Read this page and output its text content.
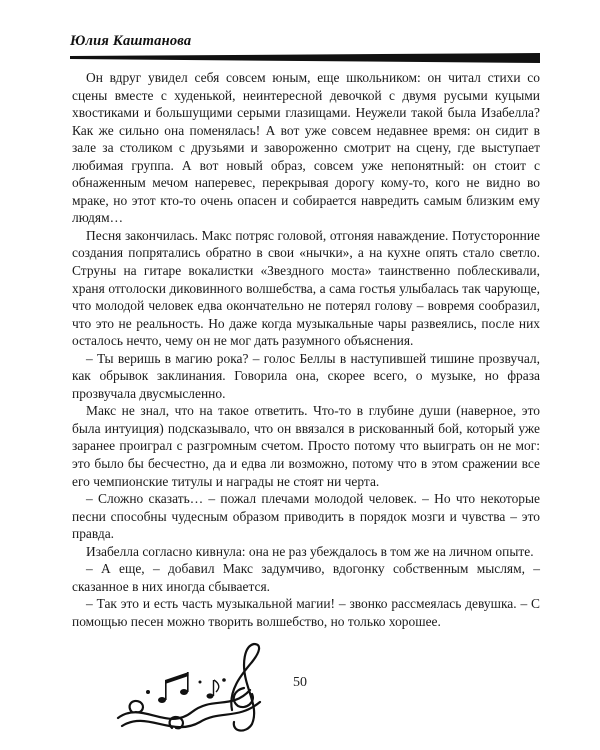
Юлия Каштанова

Он вдруг увидел себя совсем юным, еще школьником: он читал стихи со сцены вместе с худенькой, неинтересной девочкой с двумя русыми куцыми хвостиками и большущими серыми глазищами. Неужели такой была Изабелла? Как же сильно она поменялась! А вот уже совсем недавнее время: он сидит в зале за столиком с друзьями и завороженно смотрит на сцену, где выступает любимая группа. А вот новый образ, совсем уже непонятный: он стоит с обнаженным мечом наперевес, перекрывая дорогу кому-то, кого не видно во мраке, но этот кто-то очень опасен и собирается навредить самым близким ему людям…

Песня закончилась. Макс потряс головой, отгоняя наваждение. Потусторонние создания попрятались обратно в свои «нычки», а на кухне опять стало светло. Струны на гитаре вокалистки «Звездного моста» таинственно поблескивали, храня отголоски диковинного волшебства, а сама гостья улыбалась так чарующе, что молодой человек едва окончательно не потерял голову – вовремя сообразил, что это не реальность. Но даже когда музыкальные чары развеялись, после них осталось нечто, чему он не мог дать разумного объяснения.

– Ты веришь в магию рока? – голос Беллы в наступившей тишине прозвучал, как обрывок заклинания. Говорила она, скорее всего, о музыке, но фраза прозвучала двусмысленно.

Макс не знал, что на такое ответить. Что-то в глубине души (наверное, это была интуиция) подсказывало, что он ввязался в рискованный бой, который уже заранее проиграл с разгромным счетом. Просто потому что выиграть он не мог: это было бы бесчестно, да и едва ли возможно, потому что в этом сражении все его чемпионские титулы и награды не стоят ни черта.

– Сложно сказать… – пожал плечами молодой человек. – Но что некоторые песни способны чудесным образом приводить в порядок мозги и чувства – это правда.

Изабелла согласно кивнула: она не раз убеждалось в том же на личном опыте.

– А еще, – добавил Макс задумчиво, вдогонку собственным мыслям, – сказанное в них иногда сбывается.

– Так это и есть часть музыкальной магии! – звонко рассмеялась девушка. – С помощью песен можно творить волшебство, но только хорошее.

50
